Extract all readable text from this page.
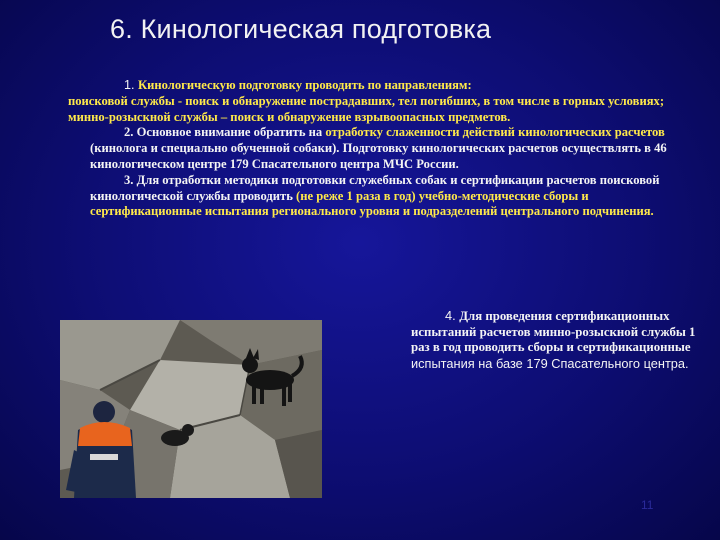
6. Кинологическая подготовка

1. Кинологическую подготовку проводить по направлениям:

поисковой службы - поиск и обнаружение пострадавших, тел погибших, в том числе в горных условиях;

минно-розыскной службы – поиск и обнаружение взрывоопасных предметов.

2. Основное внимание обратить на отработку слаженности действий кинологических расчетов (кинолога и специально обученной собаки). Подготовку кинологических расчетов осуществлять в 46 кинологическом центре 179 Спасательного центра МЧС России.

3. Для отработки методики подготовки служебных собак и сертификации расчетов поисковой кинологической службы проводить (не реже 1 раза в год) учебно-методические сборы и сертификационные испытания регионального уровня и подразделений центрального подчинения.

4. Для проведения сертификационных испытаний расчетов минно-розыскной службы 1 раз в год проводить сборы и сертификационные испытания на базе 179 Спасательного центра.
11
